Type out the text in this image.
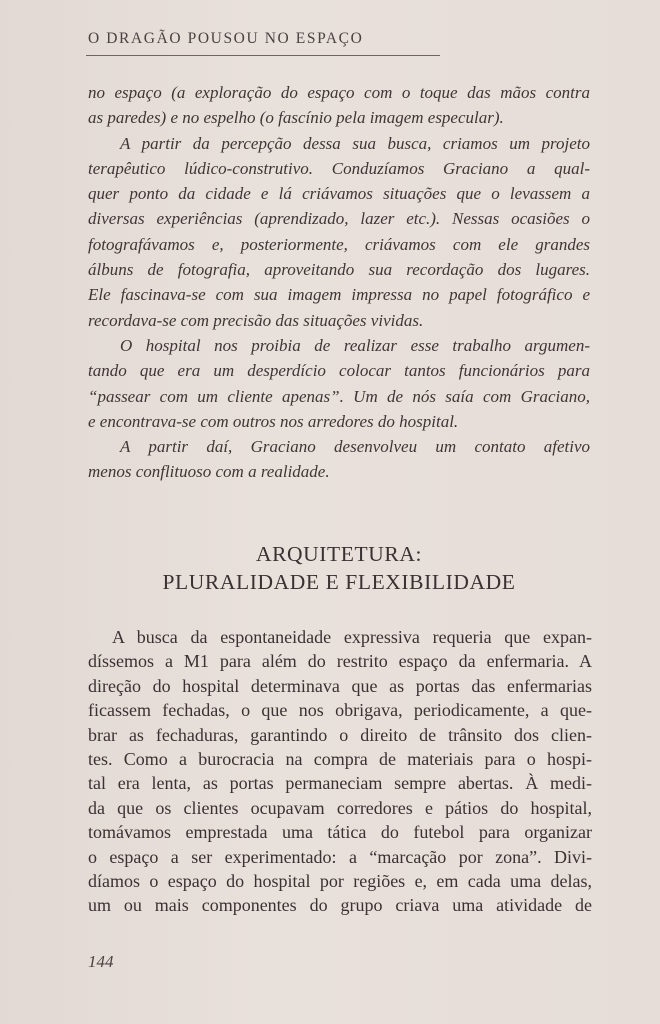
O DRAGÃO POUSOU NO ESPAÇO

no espaço (a exploração do espaço com o toque das mãos contra
as paredes) e no espelho (o fascínio pela imagem especular).

A partir da percepção dessa sua busca, criamos um projeto
terapêutico lúdico-construtivo. Conduzíamos Graciano a qual-
quer ponto da cidade e lá criávamos situações que o levassem a
diversas experiências (aprendizado, lazer etc.). Nessas ocasiões o
fotografávamos e, posteriormente, criávamos com ele grandes
álbuns de fotografia, aproveitando sua recordação dos lugares.
Ele fascinava-se com sua imagem impressa no papel fotográfico e
recordava-se com precisão das situações vividas.

O hospital nos proibia de realizar esse trabalho argumen-
tando que era um desperdício colocar tantos funcionários para
“passear com um cliente apenas”. Um de nós saía com Graciano,
e encontrava-se com outros nos arredores do hospital.

A partir daí, Graciano desenvolveu um contato afetivo
menos conflituoso com a realidade.

ARQUITETURA:
PLURALIDADE E FLEXIBILIDADE

A busca da espontaneidade expressiva requeria que expan-
díssemos a M1 para além do restrito espaço da enfermaria. A
direção do hospital determinava que as portas das enfermarias
ficassem fechadas, o que nos obrigava, periodicamente, a que-
brar as fechaduras, garantindo o direito de trânsito dos clien-
tes. Como a burocracia na compra de materiais para o hospi-
tal era lenta, as portas permaneciam sempre abertas. À medi-
da que os clientes ocupavam corredores e pátios do hospital,
tomávamos emprestada uma tática do futebol para organizar
o espaço a ser experimentado: a “marcação por zona”. Divi-
díamos o espaço do hospital por regiões e, em cada uma delas,
um ou mais componentes do grupo criava uma atividade de

144
